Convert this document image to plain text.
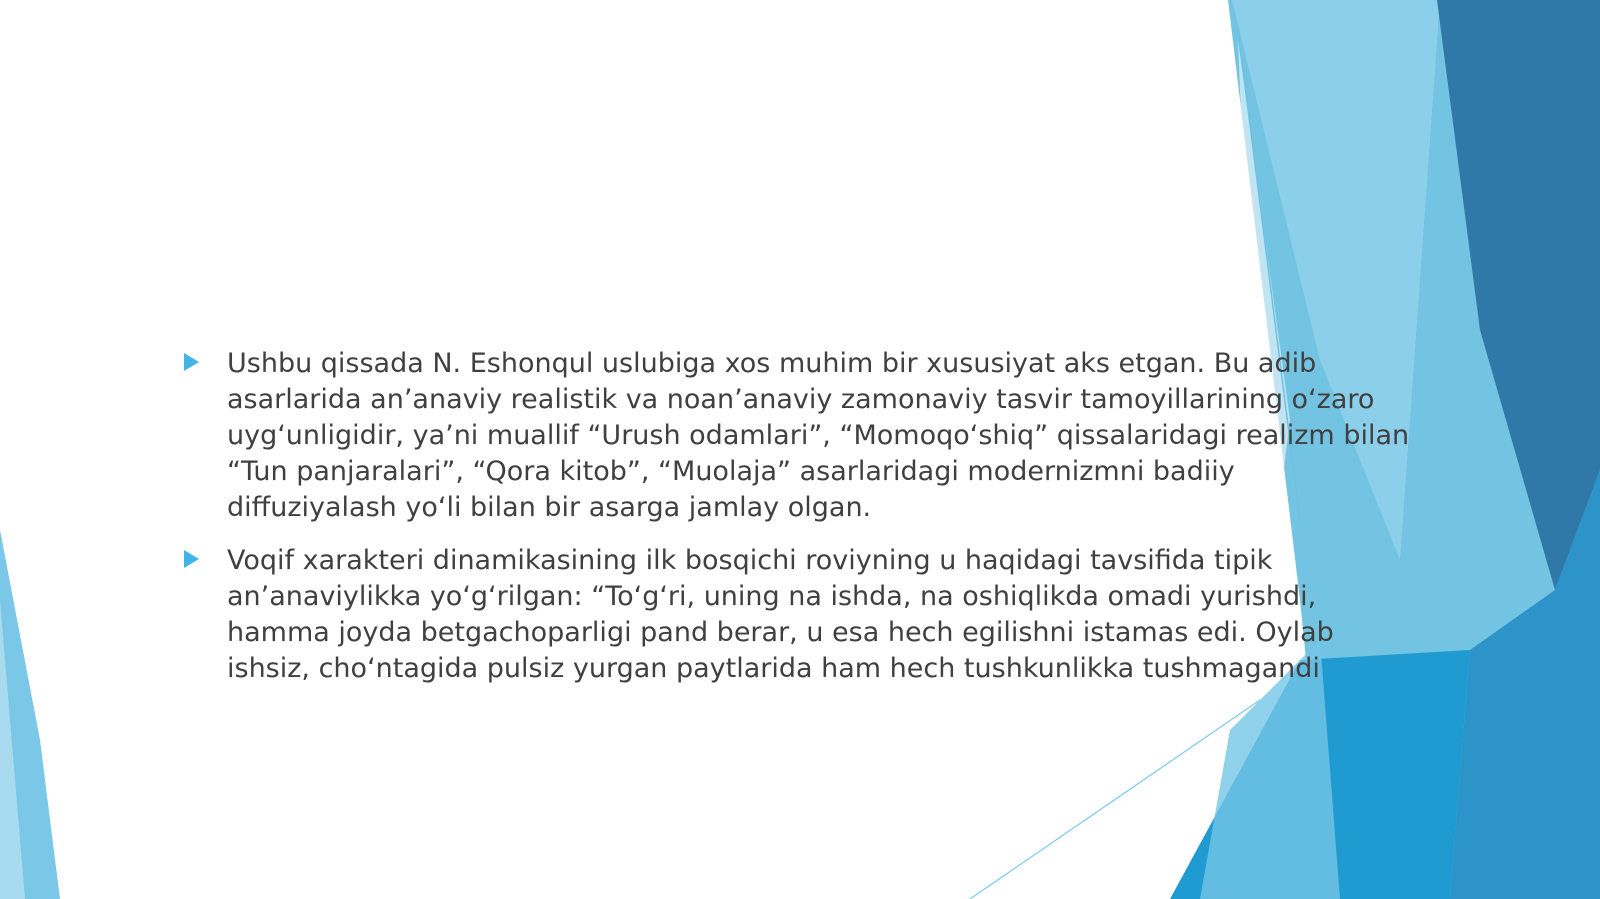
Ushbu qissada N. Eshonqul uslubiga xos muhim bir xususiyat aks etgan. Bu adib asarlarida an’anaviy realistik va noan’anaviy zamonaviy tasvir tamoyillarining o‘zaro uyg‘unligidir, ya’ni muallif “Urush odamlari”, “Momoqo‘shiq” qissalaridagi realizm bilan “Tun panjaralari”, “Qora kitob”, “Muolaja” asarlaridagi modernizmni badiiy diffuziyalash yo‘li bilan bir asarga jamlay olgan.
Voqif xarakteri dinamikasining ilk bosqichi roviyning u haqidagi tavsifida tipik an’anaviylikka yo‘g‘rilgan: “To‘g‘ri, uning na ishda, na oshiqlikda omadi yurishdi, hamma joyda betgachoparligi pand berar, u esa hech egilishni istamas edi. Oylab ishsiz, cho‘ntagida pulsiz yurgan paytlarida ham hech tushkunlikka tushmagandi
